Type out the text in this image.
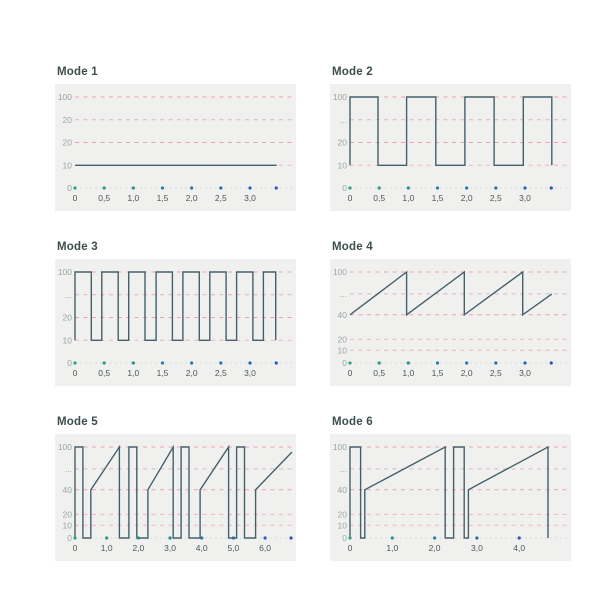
Mode 1
100
20
20
10
0
0 0,5 1,0 1,5 2,0 2,5 3,0
Mode 2
100
...
20
10
0
0 0,5 1,0 1,5 2,0 2,5 3,0
Mode 3
100
...
20
10
0
0 0,5 1,0 1,5 2,0 2,5 3,0
Mode 4
100
...
40
20
10
0
0 0,5 1,0 1,5 2,0 2,5 3,0
Mode 5
100
...
40
20
10
0
0	1,0 2,0 3,0 4,0 5,0 6,0
Mode 6
100
...
40
20
10
0
0	1,0	2,0	3,0	4,0
